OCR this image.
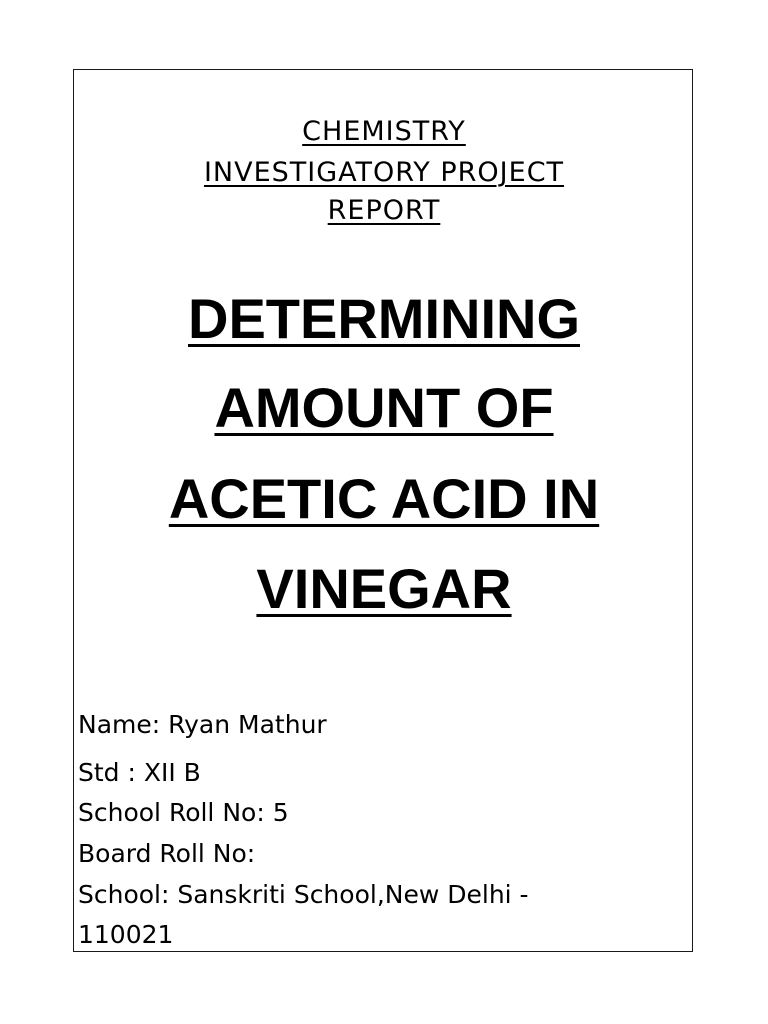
CHEMISTRY
INVESTIGATORY PROJECT
REPORT
DETERMINING
AMOUNT OF
ACETIC ACID IN
VINEGAR
Name: Ryan Mathur
Std : XII B
School Roll No: 5
Board Roll No:
School: Sanskriti School,New Delhi -
110021
